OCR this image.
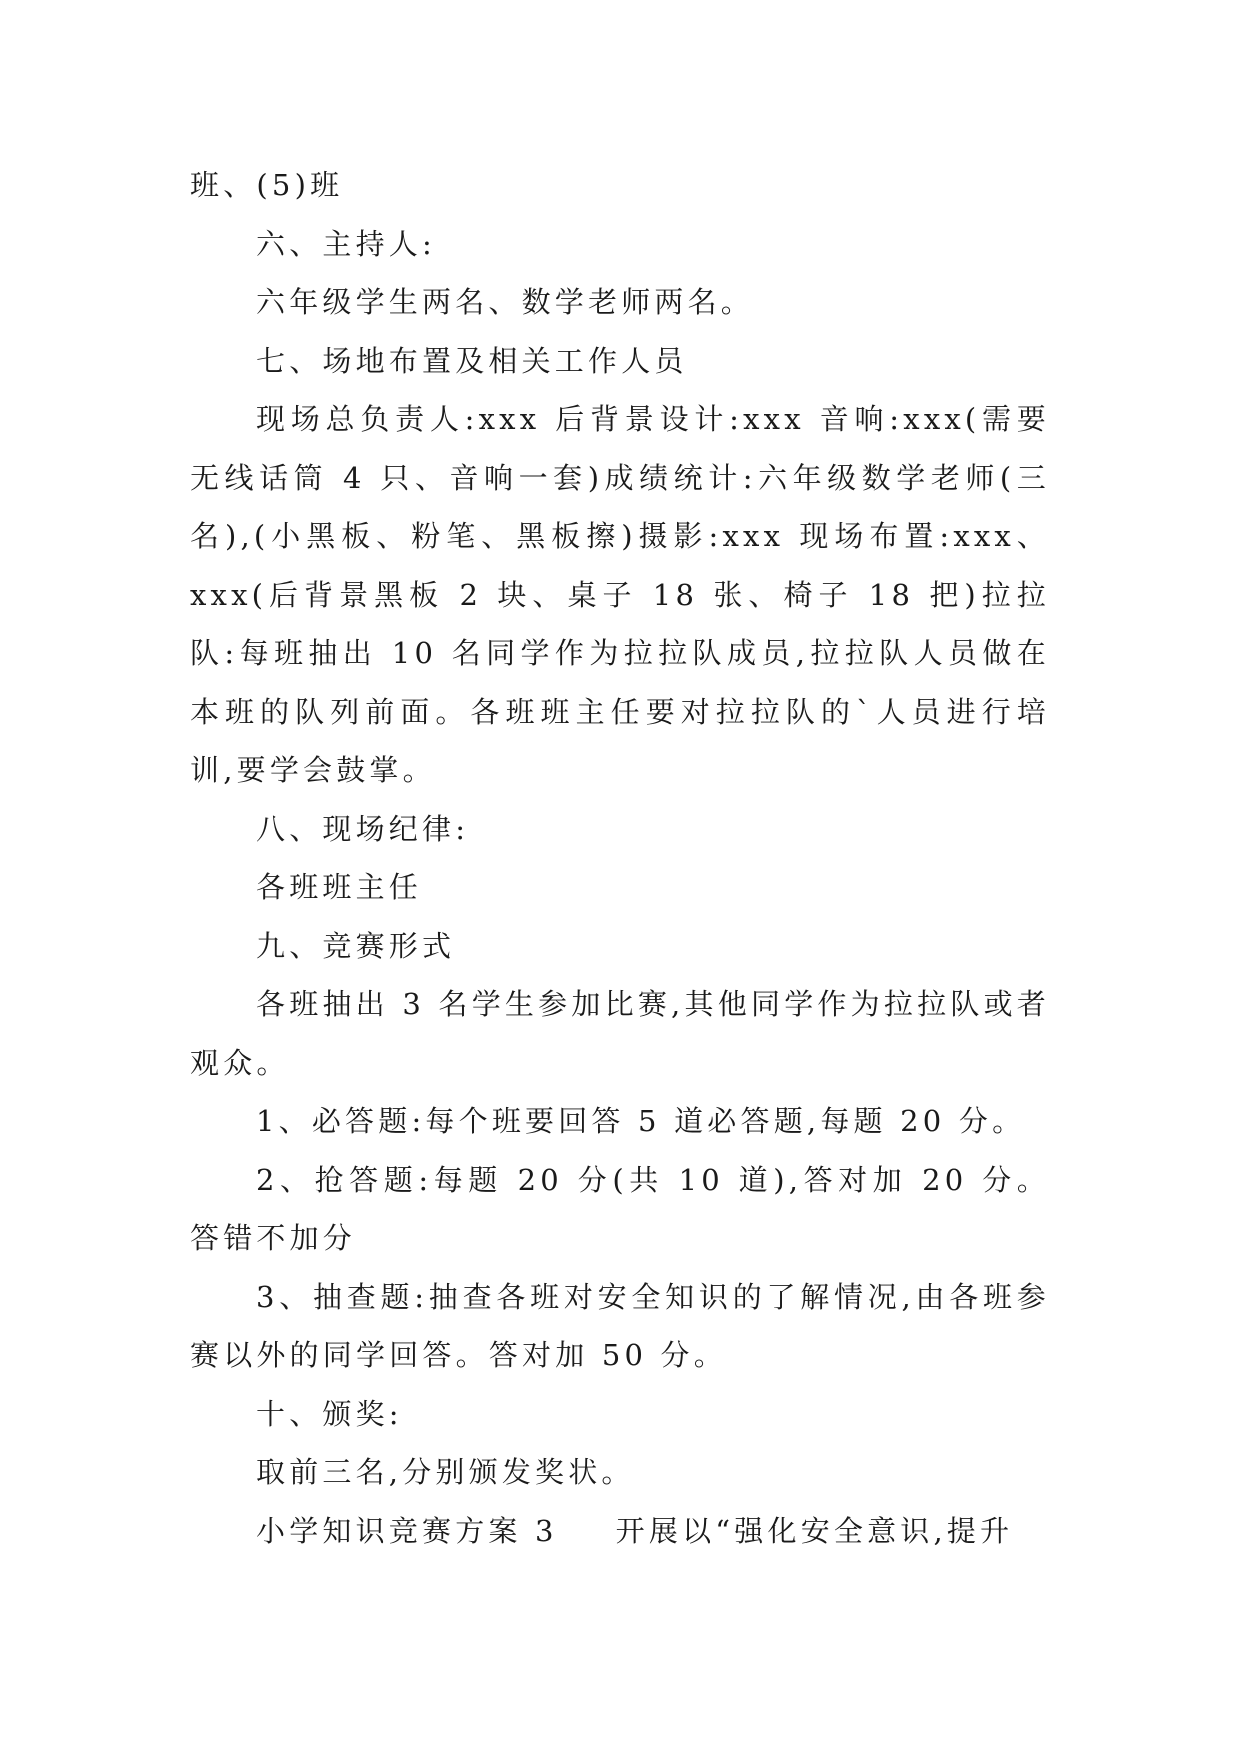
班、(5)班

六、主持人:

六年级学生两名、数学老师两名。

七、场地布置及相关工作人员

现场总负责人:xxx 后背景设计:xxx 音响:xxx(需要无线话筒 4 只、音响一套)成绩统计:六年级数学老师(三名),(小黑板、粉笔、黑板擦)摄影:xxx 现场布置:xxx、xxx(后背景黑板 2 块、桌子 18 张、椅子 18 把)拉拉队:每班抽出 10 名同学作为拉拉队成员,拉拉队人员做在本班的队列前面。各班班主任要对拉拉队的`人员进行培训,要学会鼓掌。

八、现场纪律:

各班班主任

九、竞赛形式

各班抽出 3 名学生参加比赛,其他同学作为拉拉队或者观众。

1、必答题:每个班要回答 5 道必答题,每题 20 分。

2、抢答题:每题 20 分(共 10 道),答对加 20 分。答错不加分

3、抽查题:抽查各班对安全知识的了解情况,由各班参赛以外的同学回答。答对加 50 分。

十、颁奖:

取前三名,分别颁发奖状。

小学知识竞赛方案 3 开展以“强化安全意识,提升
